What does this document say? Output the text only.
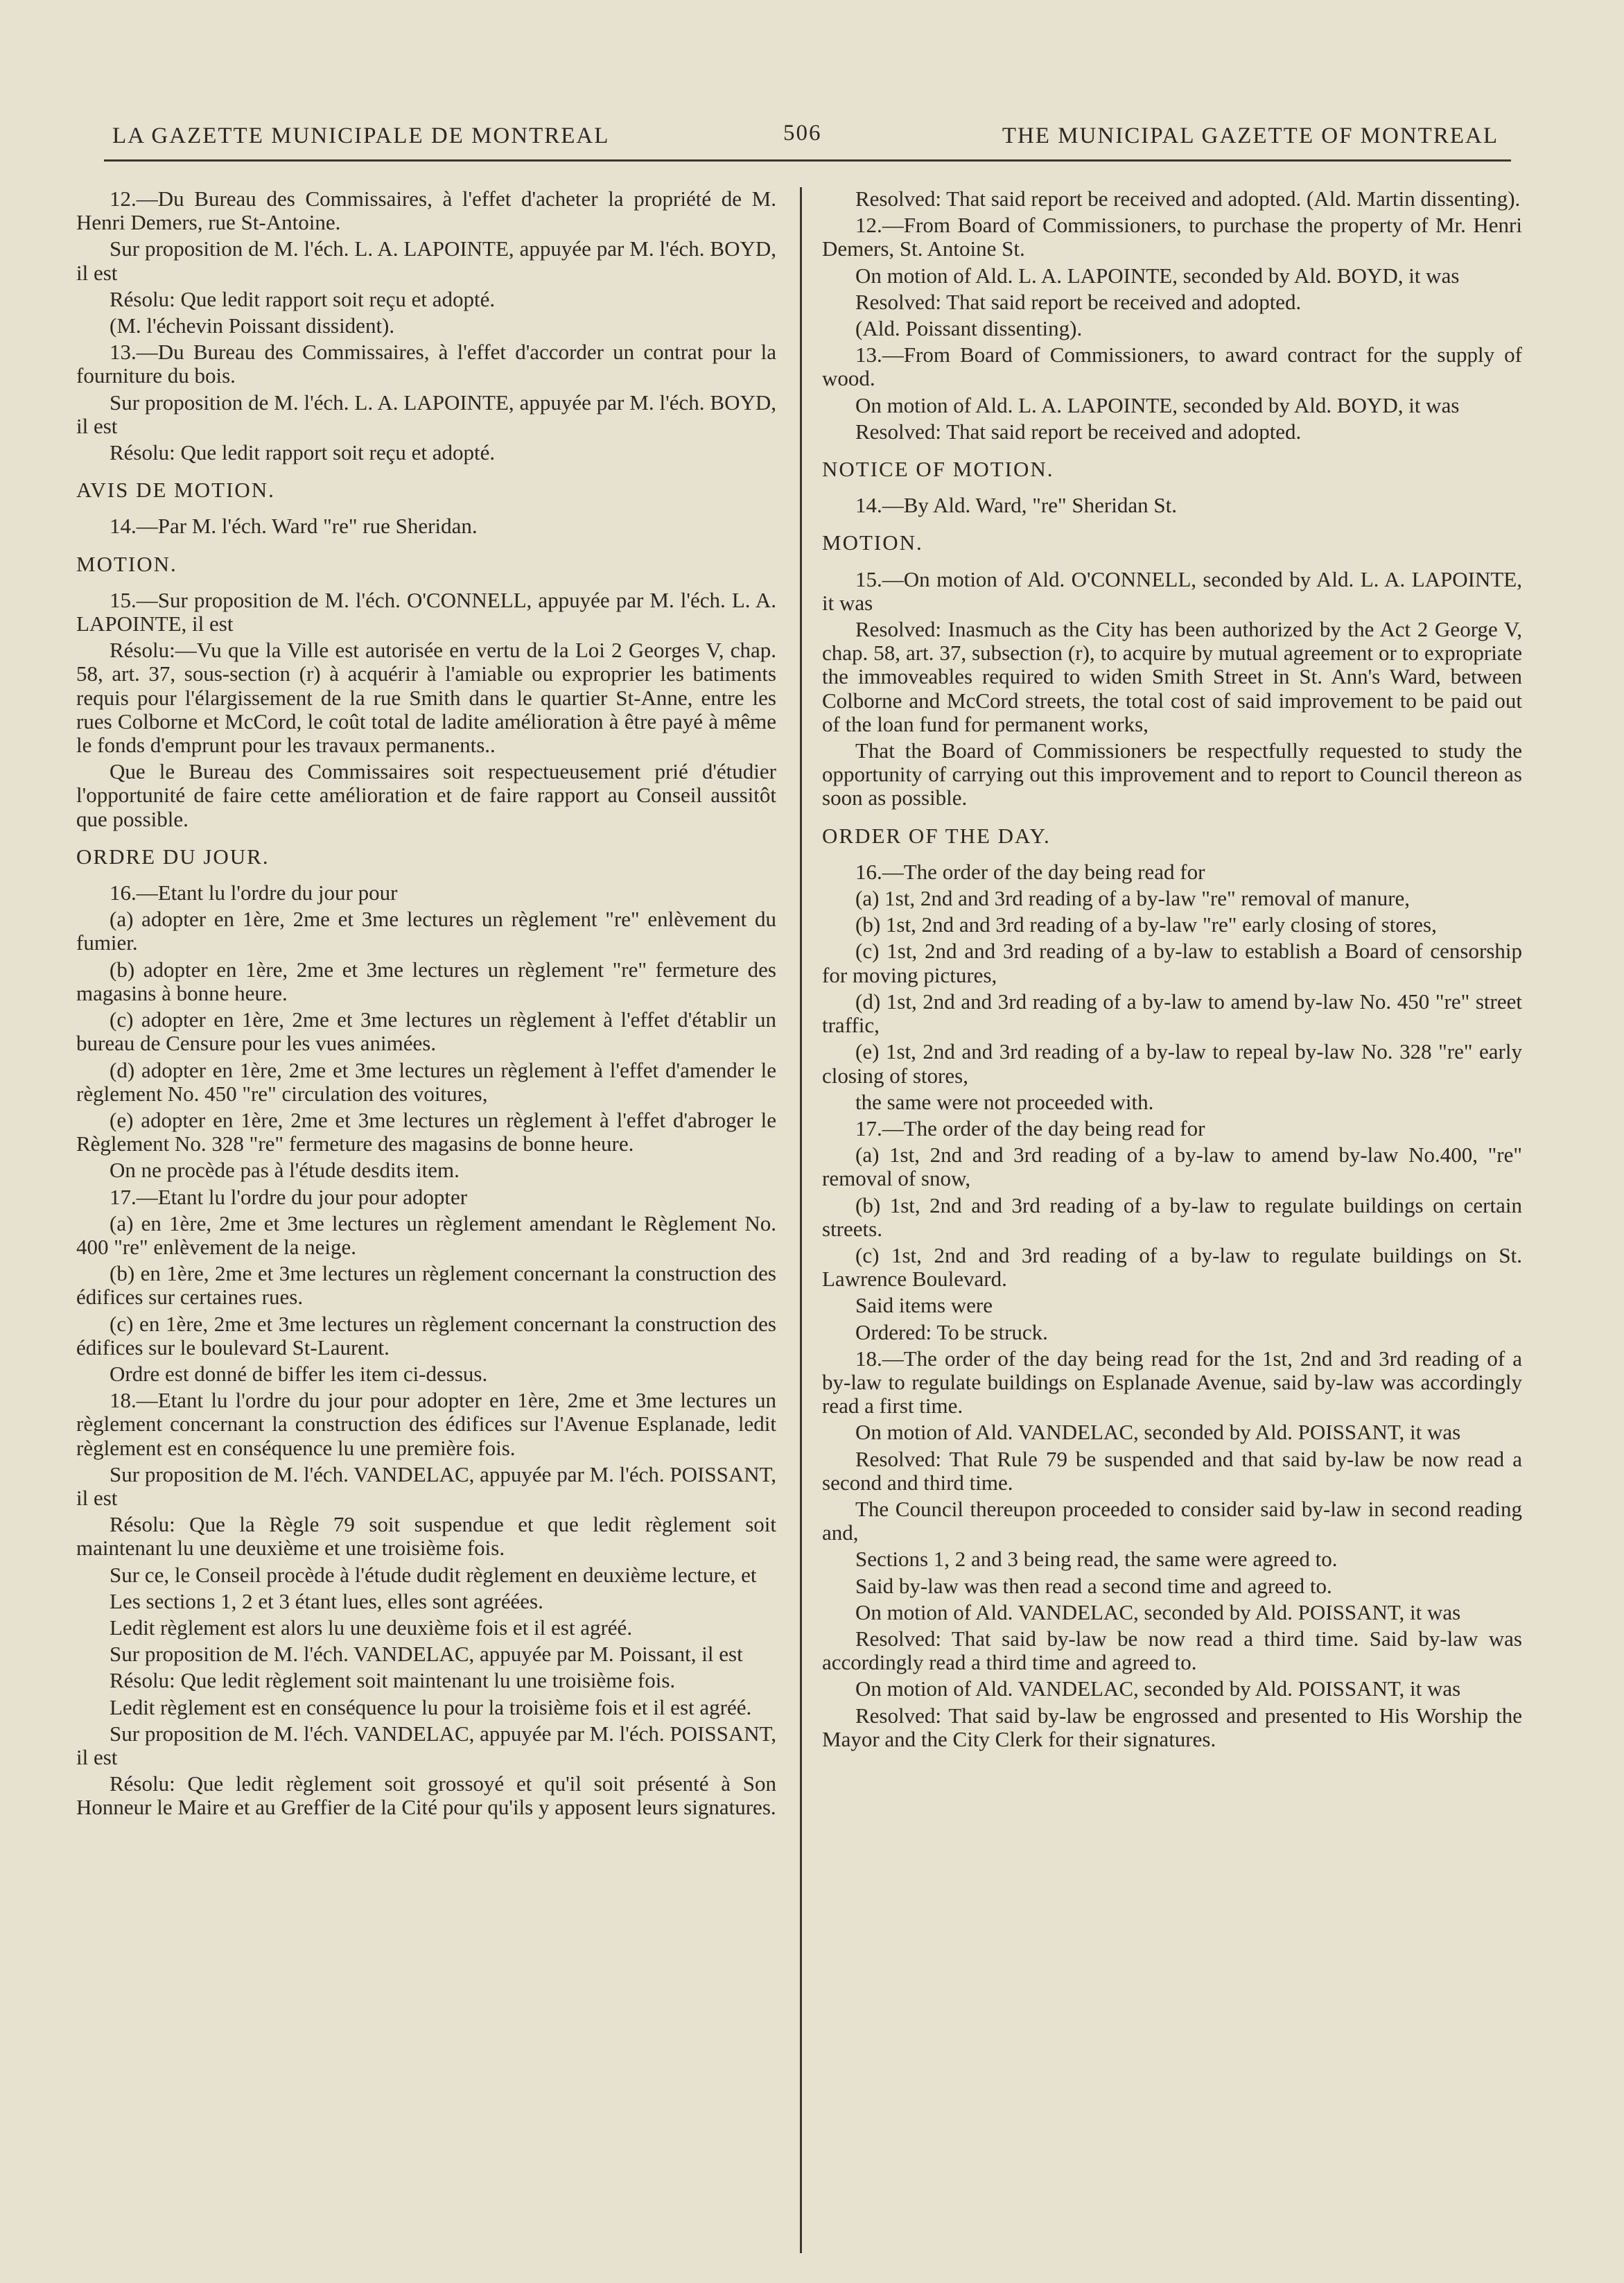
LA GAZETTE MUNICIPALE DE MONTREAL	506	THE MUNICIPAL GAZETTE OF MONTREAL

12.—Du Bureau des Commissaires, à l'effet d'acheter la propriété de M. Henri Demers, rue St-Antoine.

Sur proposition de M. l'éch. L. A. LAPOINTE, appuyée par M. l'éch. BOYD, il est

Résolu: Que ledit rapport soit reçu et adopté.

(M. l'échevin Poissant dissident).

13.—Du Bureau des Commissaires, à l'effet d'accorder un contrat pour la fourniture du bois.

Sur proposition de M. l'éch. L. A. LAPOINTE, appuyée par M. l'éch. BOYD, il est

Résolu: Que ledit rapport soit reçu et adopté.

AVIS DE MOTION.

14.—Par M. l'éch. Ward "re" rue Sheridan.

MOTION.

15.—Sur proposition de M. l'éch. O'CONNELL, appuyée par M. l'éch. L. A. LAPOINTE, il est

Résolu:—Vu que la Ville est autorisée en vertu de la Loi 2 Georges V, chap. 58, art. 37, sous-section (r) à acquérir à l'amiable ou exproprier les batiments requis pour l'élargissement de la rue Smith dans le quartier St-Anne, entre les rues Colborne et McCord, le coût total de ladite amélioration à être payé à même le fonds d'emprunt pour les travaux permanents..

Que le Bureau des Commissaires soit respectueusement prié d'étudier l'opportunité de faire cette amélioration et de faire rapport au Conseil aussitôt que possible.

ORDRE DU JOUR.

16.—Etant lu l'ordre du jour pour

(a) adopter en 1ère, 2me et 3me lectures un règlement "re" enlèvement du fumier.

(b) adopter en 1ère, 2me et 3me lectures un règlement "re" fermeture des magasins à bonne heure.

(c) adopter en 1ère, 2me et 3me lectures un règlement à l'effet d'établir un bureau de Censure pour les vues animées.

(d) adopter en 1ère, 2me et 3me lectures un règlement à l'effet d'amender le règlement No. 450 "re" circulation des voitures,

(e) adopter en 1ère, 2me et 3me lectures un règlement à l'effet d'abroger le Règlement No. 328 "re" fermeture des magasins de bonne heure.

On ne procède pas à l'étude desdits item.

17.—Etant lu l'ordre du jour pour adopter

(a) en 1ère, 2me et 3me lectures un règlement amendant le Règlement No. 400 "re" enlèvement de la neige.

(b) en 1ère, 2me et 3me lectures un règlement concernant la construction des édifices sur certaines rues.

(c) en 1ère, 2me et 3me lectures un règlement concernant la construction des édifices sur le boulevard St-Laurent.

Ordre est donné de biffer les item ci-dessus.

18.—Etant lu l'ordre du jour pour adopter en 1ère, 2me et 3me lectures un règlement concernant la construction des édifices sur l'Avenue Esplanade, ledit règlement est en conséquence lu une première fois.

Sur proposition de M. l'éch. VANDELAC, appuyée par M. l'éch. POISSANT, il est

Résolu: Que la Règle 79 soit suspendue et que ledit règlement soit maintenant lu une deuxième et une troisième fois.

Sur ce, le Conseil procède à l'étude dudit règlement en deuxième lecture, et

Les sections 1, 2 et 3 étant lues, elles sont agréées.

Ledit règlement est alors lu une deuxième fois et il est agréé.

Sur proposition de M. l'éch. VANDELAC, appuyée par M. Poissant, il est

Résolu: Que ledit règlement soit maintenant lu une troisième fois.

Ledit règlement est en conséquence lu pour la troisième fois et il est agréé.

Sur proposition de M. l'éch. VANDELAC, appuyée par M. l'éch. POISSANT, il est

Résolu: Que ledit règlement soit grossoyé et qu'il soit présenté à Son Honneur le Maire et au Greffier de la Cité pour qu'ils y apposent leurs signatures.

Resolved: That said report be received and adopted. (Ald. Martin dissenting).

12.—From Board of Commissioners, to purchase the property of Mr. Henri Demers, St. Antoine St.

On motion of Ald. L. A. LAPOINTE, seconded by Ald. BOYD, it was

Resolved: That said report be received and adopted.

(Ald. Poissant dissenting).

13.—From Board of Commissioners, to award contract for the supply of wood.

On motion of Ald. L. A. LAPOINTE, seconded by Ald. BOYD, it was

Resolved: That said report be received and adopted.

NOTICE OF MOTION.

14.—By Ald. Ward, "re" Sheridan St.

MOTION.

15.—On motion of Ald. O'CONNELL, seconded by Ald. L. A. LAPOINTE, it was

Resolved: Inasmuch as the City has been authorized by the Act 2 George V, chap. 58, art. 37, subsection (r), to acquire by mutual agreement or to expropriate the immoveables required to widen Smith Street in St. Ann's Ward, between Colborne and McCord streets, the total cost of said improvement to be paid out of the loan fund for permanent works,

That the Board of Commissioners be respectfully requested to study the opportunity of carrying out this improvement and to report to Council thereon as soon as possible.

ORDER OF THE DAY.

16.—The order of the day being read for

(a) 1st, 2nd and 3rd reading of a by-law "re" removal of manure,

(b) 1st, 2nd and 3rd reading of a by-law "re" early closing of stores,

(c) 1st, 2nd and 3rd reading of a by-law to establish a Board of censorship for moving pictures,

(d) 1st, 2nd and 3rd reading of a by-law to amend by-law No. 450 "re" street traffic,

(e) 1st, 2nd and 3rd reading of a by-law to repeal by-law No. 328 "re" early closing of stores,

the same were not proceeded with.

17.—The order of the day being read for

(a) 1st, 2nd and 3rd reading of a by-law to amend by-law No.400, "re" removal of snow,

(b) 1st, 2nd and 3rd reading of a by-law to regulate buildings on certain streets.

(c) 1st, 2nd and 3rd reading of a by-law to regulate buildings on St. Lawrence Boulevard.

Said items were

Ordered: To be struck.

18.—The order of the day being read for the 1st, 2nd and 3rd reading of a by-law to regulate buildings on Esplanade Avenue, said by-law was accordingly read a first time.

On motion of Ald. VANDELAC, seconded by Ald. POISSANT, it was

Resolved: That Rule 79 be suspended and that said by-law be now read a second and third time.

The Council thereupon proceeded to consider said by-law in second reading and,

Sections 1, 2 and 3 being read, the same were agreed to.

Said by-law was then read a second time and agreed to.

On motion of Ald. VANDELAC, seconded by Ald. POISSANT, it was

Resolved: That said by-law be now read a third time. Said by-law was accordingly read a third time and agreed to.

On motion of Ald. VANDELAC, seconded by Ald. POISSANT, it was

Resolved: That said by-law be engrossed and presented to His Worship the Mayor and the City Clerk for their signatures.
